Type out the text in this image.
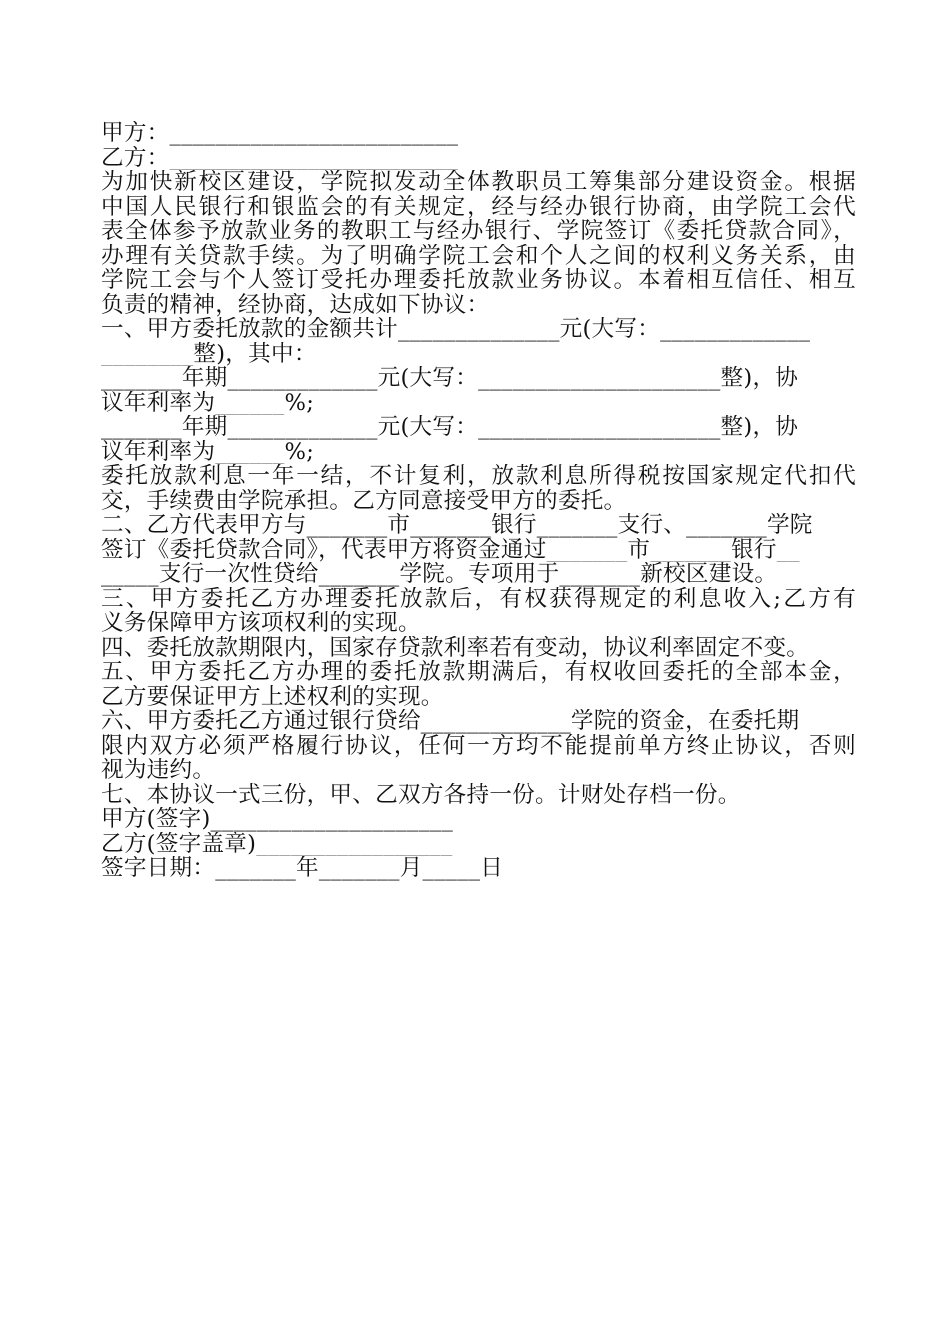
甲方：_________________________
乙方：_________________________
为加快新校区建设，学院拟发动全体教职员工筹集部分建设资金。根据
中国人民银行和银监会的有关规定，经与经办银行协商，由学院工会代
表全体参予放款业务的教职工与经办银行、学院签订《委托贷款合同》，
办理有关贷款手续。为了明确学院工会和个人之间的权利义务关系，由
学院工会与个人签订受托办理委托放款业务协议。本着相互信任、相互
负责的精神，经协商，达成如下协议：
一、甲方委托放款的金额共计______________元(大写：_____________
________整)，其中：
_______年期_____________元(大写：_____________________整)，协
议年利率为______%;
_______年期_____________元(大写：_____________________整)，协
议年利率为______%;
委托放款利息一年一结，不计复利，放款利息所得税按国家规定代扣代
交，手续费由学院承担。乙方同意接受甲方的委托。
二、乙方代表甲方与_______市_______银行_______支行、_______学院
签订《委托贷款合同》，代表甲方将资金通过_______市_______银行__
_____支行一次性贷给_______学院。专项用于_______新校区建设。
三、甲方委托乙方办理委托放款后，有权获得规定的利息收入;乙方有
义务保障甲方该项权利的实现。
四、委托放款期限内，国家存贷款利率若有变动，协议利率固定不变。
五、甲方委托乙方办理的委托放款期满后，有权收回委托的全部本金，
乙方要保证甲方上述权利的实现。
六、甲方委托乙方通过银行贷给_____________学院的资金，在委托期
限内双方必须严格履行协议，任何一方均不能提前单方终止协议，否则
视为违约。
七、本协议一式三份，甲、乙双方各持一份。计财处存档一份。
甲方(签字)_____________________
乙方(签字盖章)_________________
签字日期：_______年_______月_____日
